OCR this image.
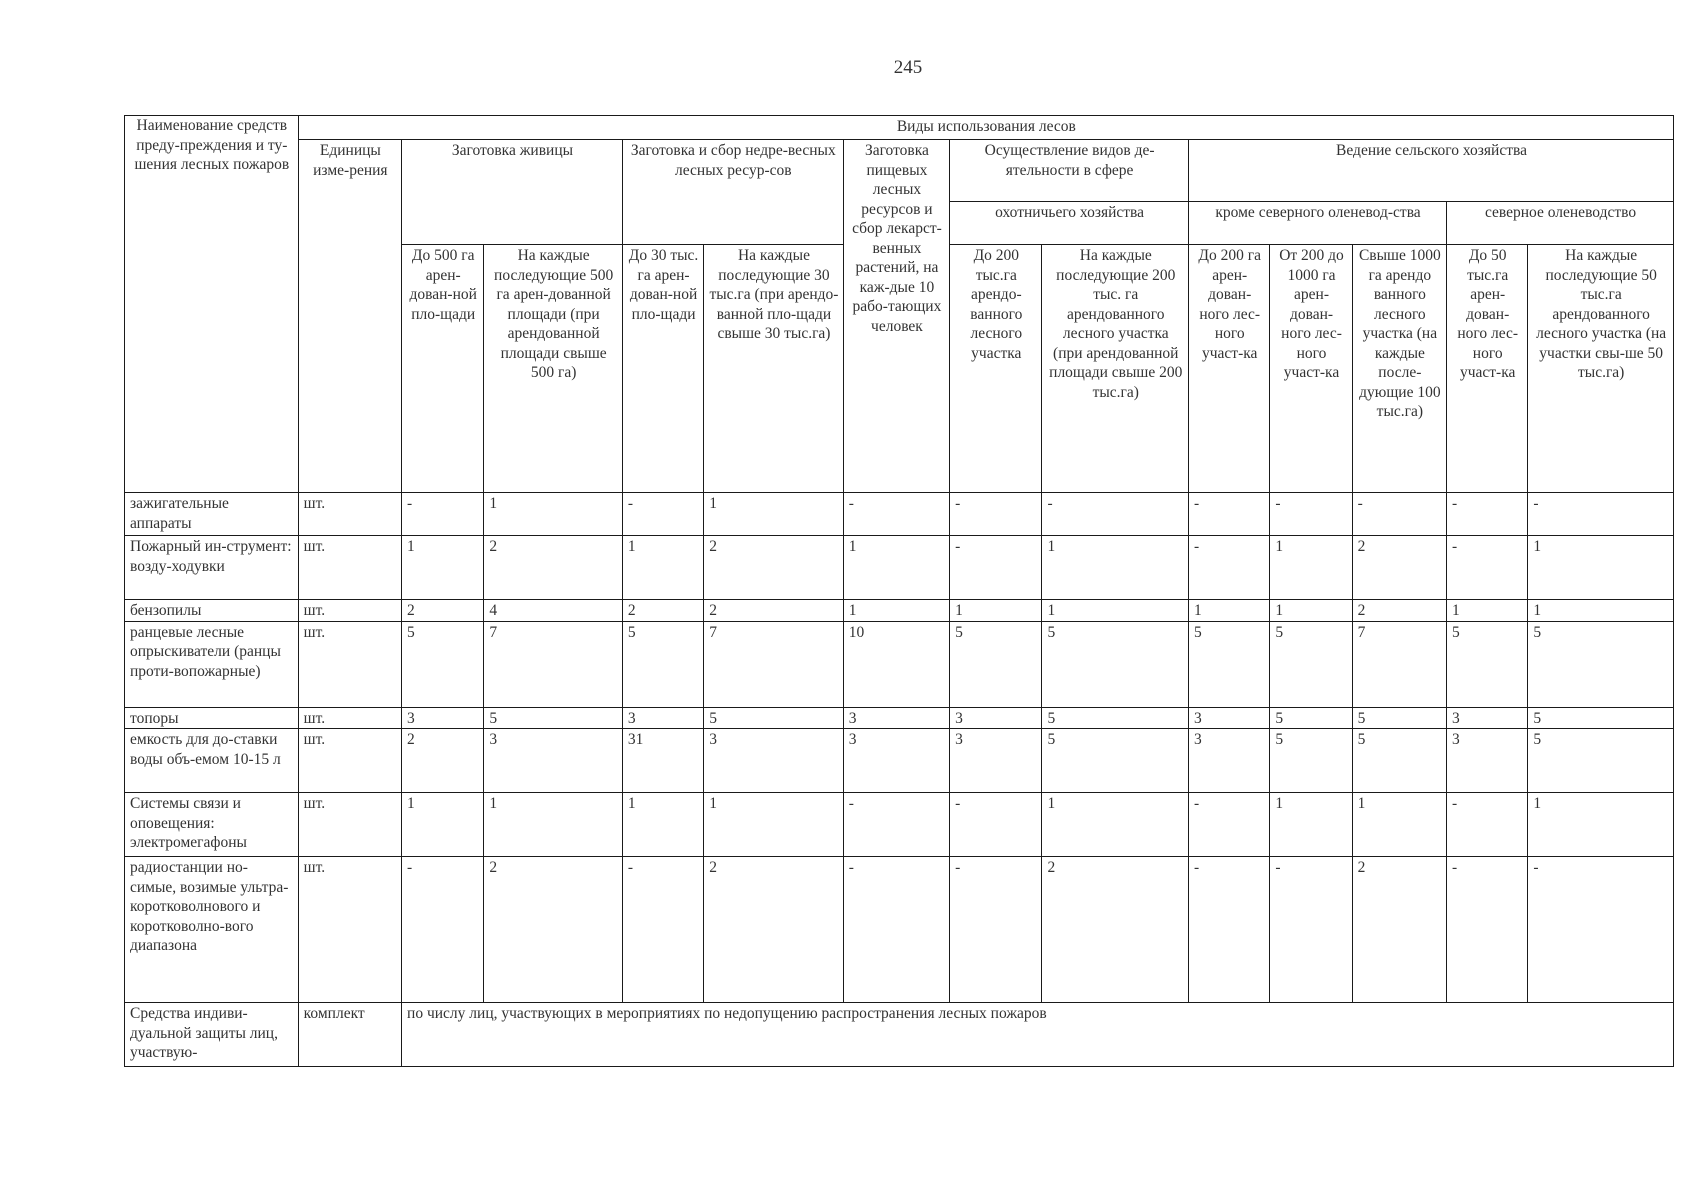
245
Наименование средств преду-преждения и ту-шения лесных пожаров	Виды использования лесов												
	Единицы изме-рения	Заготовка живицы		Заготовка и сбор недре-весных лесных ресур-сов		Заготовка пищевых лесных ресурсов и сбор лекарст-венных растений, на каж-дые 10 рабо-тающих человек	Осуществление видов де-ятельности в сфере		Ведение сельского хозяйства				
							охотничьего хозяйства		кроме северного оленевод-ства			северное оленеводство	
		До 500 га арен-дован-ной пло-щади	На каждые последующие 500 га арен-дованной площади (при арендованной площади свыше 500 га)	До 30 тыс. га арен-дован-ной пло-щади	На каждые последующие 30 тыс.га (при арендо-ванной пло-щади свыше 30 тыс.га)		До 200 тыс.га арендо-ванного лесного участка	На каждые последующие 200 тыс. га арендованного лесного участка (при арендованной площади свыше 200 тыс.га)	До 200 га арен-дован-ного лес-ного участ-ка	От 200 до 1000 га арен-дован-ного лес-ного участ-ка	Свыше 1000 га арендо ванного лесного участка (на каждые после-дующие 100 тыс.га)	До 50 тыс.га арен-дован-ного лес-ного участ-ка	На каждые последующие 50 тыс.га арендованного лесного участка (на участки свы-ше 50 тыс.га)
зажигательные аппараты	шт.	-	1	-	1	-	-	-	-	-	-	-	-
Пожарный ин-струмент: возду-ходувки	шт.	1	2	1	2	1	-	1	-	1	2	-	1
бензопилы	шт.	2	4	2	2	1	1	1	1	1	2	1	1
ранцевые лесные опрыскиватели (ранцы проти-вопожарные)	шт.	5	7	5	7	10	5	5	5	5	7	5	5
топоры	шт.	3	5	3	5	3	3	5	3	5	5	3	5
емкость для до-ставки воды объ-емом 10-15 л	шт.	2	3	31	3	3	3	5	3	5	5	3	5
Системы связи и оповещения: электромегафоны	шт.	1	1	1	1	-	-	1	-	1	1	-	1
радиостанции но-симые, возимые ультра-коротковолнового и коротковолно-вого диапазона	шт.	-	2	-	2	-	-	2	-	-	2	-	-
Средства индиви-дуальной защиты лиц, участвую-	комплект	по числу лиц, участвующих в мероприятиях по недопущению распространения лесных пожаров											
